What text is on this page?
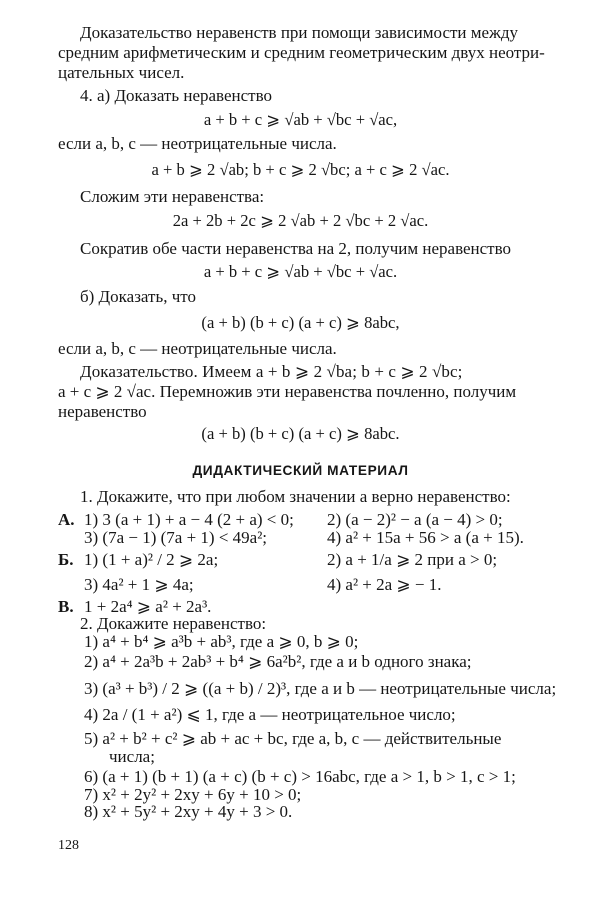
Доказательство неравенств при помощи зависимости между
средним арифметическим и средним геометрическим двух неотри-
цательных чисел.
4. а) Доказать неравенство
a + b + c ⩾ √ab + √bc + √ac,
если a, b, c — неотрицательные числа.
a + b ⩾ 2 √ab; b + c ⩾ 2 √bc; a + c ⩾ 2 √ac.
Сложим эти неравенства:
2a + 2b + 2c ⩾ 2 √ab + 2 √bc + 2 √ac.
Сократив обе части неравенства на 2, получим неравенство
a + b + c ⩾ √ab + √bc + √ac.
б) Доказать, что
(a + b) (b + c) (a + c) ⩾ 8abc,
если a, b, c — неотрицательные числа.
Доказательство. Имеем a + b ⩾ 2 √ba; b + c ⩾ 2 √bc;
a + c ⩾ 2 √ac. Перемножив эти неравенства почленно, получим
неравенство
(a + b) (b + c) (a + c) ⩾ 8abc.
ДИДАКТИЧЕСКИЙ МАТЕРИАЛ
1. Докажите, что при любом значении a верно неравенство:
А. 1) 3 (a + 1) + a − 4 (2 + a) < 0; 2) (a − 2)² − a (a − 4) > 0;
3) (7a − 1) (7a + 1) < 49a²;	4) a² + 15a + 56 > a (a + 15).
Б. 1) (1 + a)² / 2 ⩾ 2a;	2) a + 1/a ⩾ 2 при a > 0;
3) 4a² + 1 ⩾ 4a;	4) a² + 2a ⩾ − 1.
В. 1 + 2a⁴ ⩾ a² + 2a³.
2. Докажите неравенство:
1) a⁴ + b⁴ ⩾ a³b + ab³, где a ⩾ 0, b ⩾ 0;
2) a⁴ + 2a³b + 2ab³ + b⁴ ⩾ 6a²b², где a и b одного знака;
3) (a³ + b³) / 2 ⩾ ((a + b) / 2)³, где a и b — неотрицательные числа;
4) 2a / (1 + a²) ⩽ 1, где a — неотрицательное число;
5) a² + b² + c² ⩾ ab + ac + bc, где a, b, c — действительные
числа;
6) (a + 1) (b + 1) (a + c) (b + c) > 16abc, где a > 1, b > 1, c > 1;
7) x² + 2y² + 2xy + 6y + 10 > 0;
8) x² + 5y² + 2xy + 4y + 3 > 0.
128
